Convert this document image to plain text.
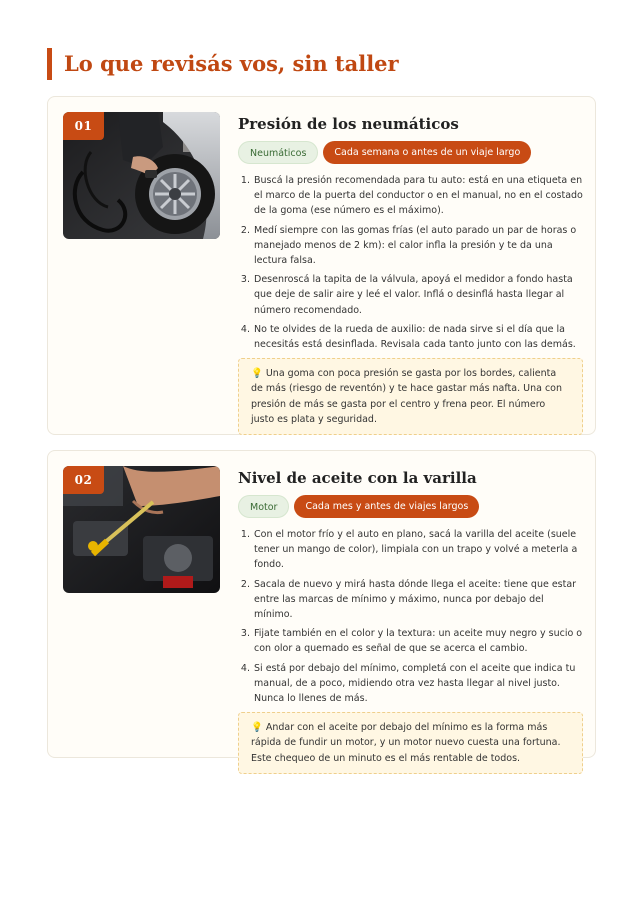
Lo que revisás vos, sin taller
01	Presión de los neumáticos
Neumáticos	Cada semana o antes de un viaje largo
1. Buscá la presión recomendada para tu auto: está en una etiqueta en el marco de la puerta del conductor o en el manual, no en el costado de la goma (ese número es el máximo).
2. Medí siempre con las gomas frías (el auto parado un par de horas o manejado menos de 2 km): el calor infla la presión y te da una lectura falsa.
3. Desenroscá la tapita de la válvula, apoyá el medidor a fondo hasta que deje de salir aire y leé el valor. Inflá o desinflá hasta llegar al número recomendado.
4. No te olvides de la rueda de auxilio: de nada sirve si el día que la necesitás está desinflada. Revisala cada tanto junto con las demás.
💡 Una goma con poca presión se gasta por los bordes, calienta de más (riesgo de reventón) y te hace gastar más nafta. Una con presión de más se gasta por el centro y frena peor. El número justo es plata y seguridad.
02	Nivel de aceite con la varilla
Motor	Cada mes y antes de viajes largos
1. Con el motor frío y el auto en plano, sacá la varilla del aceite (suele tener un mango de color), limpiala con un trapo y volvé a meterla a fondo.
2. Sacala de nuevo y mirá hasta dónde llega el aceite: tiene que estar entre las marcas de mínimo y máximo, nunca por debajo del mínimo.
3. Fijate también en el color y la textura: un aceite muy negro y sucio o con olor a quemado es señal de que se acerca el cambio.
4. Si está por debajo del mínimo, completá con el aceite que indica tu manual, de a poco, midiendo otra vez hasta llegar al nivel justo. Nunca lo llenes de más.
💡 Andar con el aceite por debajo del mínimo es la forma más rápida de fundir un motor, y un motor nuevo cuesta una fortuna. Este chequeo de un minuto es el más rentable de todos.
